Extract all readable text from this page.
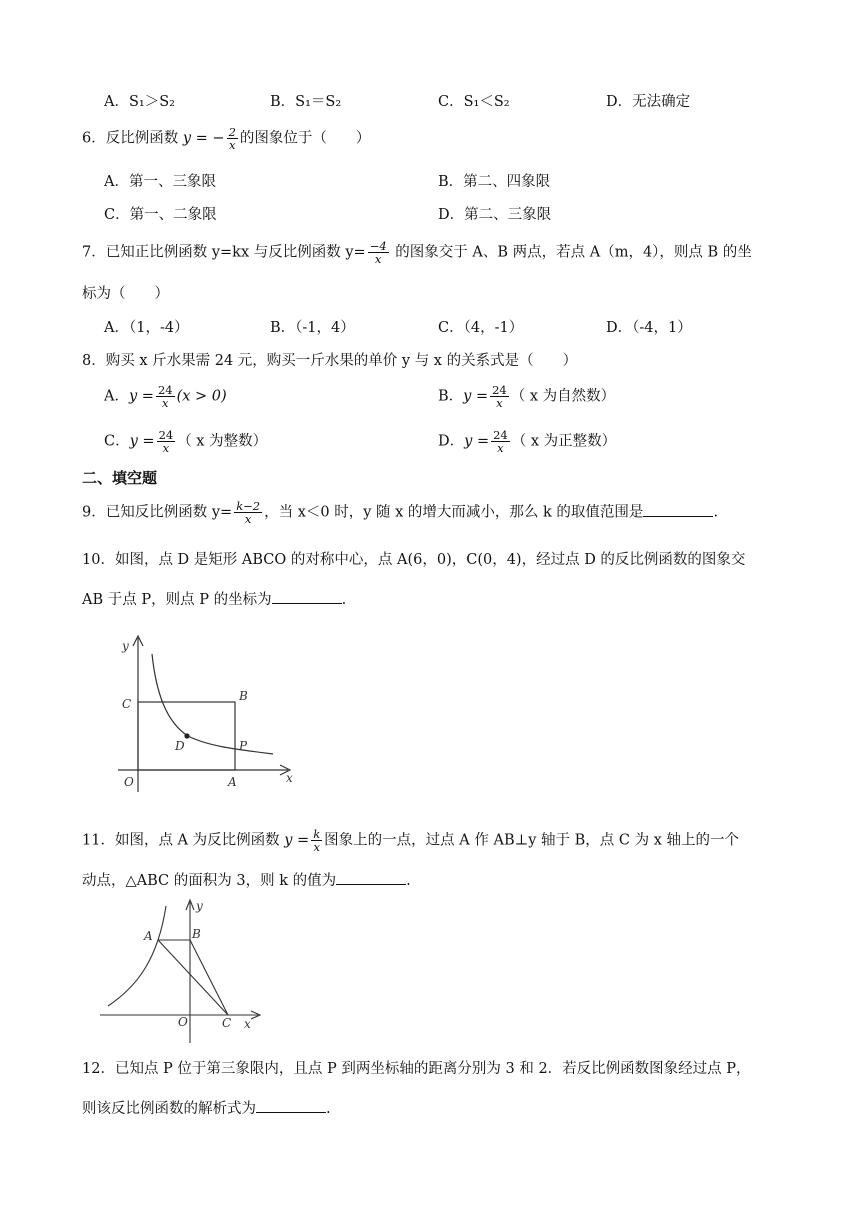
A．S₁＞S₂	B．S₁＝S₂	C．S₁＜S₂	D．无法确定
6．反比例函数 y = − $\frac{2}{x}$ 的图象位于（　　）
A．第一、三象限	B．第二、四象限
C．第一、二象限	D．第二、三象限
7．已知正比例函数 y=kx 与反比例函数 $y= \frac{-4}{x}$ 的图象交于 A、B 两点，若点 A（m，4），则点 B 的坐
标为（　　）
A．（1，-4）	B．（-1，4）	C．（4，-1）	D．（-4，1）
8．购买 x 斤水果需 24 元，购买一斤水果的单价 y 与 x 的关系式是（　　）
A．$y = \frac{24}{x} (x > 0)$	B．$y = \frac{24}{x}$ （ x 为自然数）
C．$y = \frac{24}{x}$ （ x 为整数）	D．$y = \frac{24}{x}$ （ x 为正整数）
二、填空题
9．已知反比例函数 $y= \frac{k-2}{x}$ ，当 x＜0 时，y 随 x 的增大而减小，那么 k 的取值范围是	.
10．如图，点 D 是矩形 ABCO 的对称中心，点 A(6，0)，C(0，4)，经过点 D 的反比例函数的图象交
AB 于点 P，则点 P 的坐标为	.
y
x
O	A
B
C
D	P
11．如图，点 A 为反比例函数 $y = \frac{k}{x}$ 图象上的一点，过点 A 作 AB⊥y 轴于 B，点 C 为 x 轴上的一个
动点，△ABC 的面积为 3，则 k 的值为	.
A	B
y
O	C x
12．已知点 P 位于第三象限内，且点 P 到两坐标轴的距离分别为 3 和 2．若反比例函数图象经过点 P，
则该反比例函数的解析式为	.
